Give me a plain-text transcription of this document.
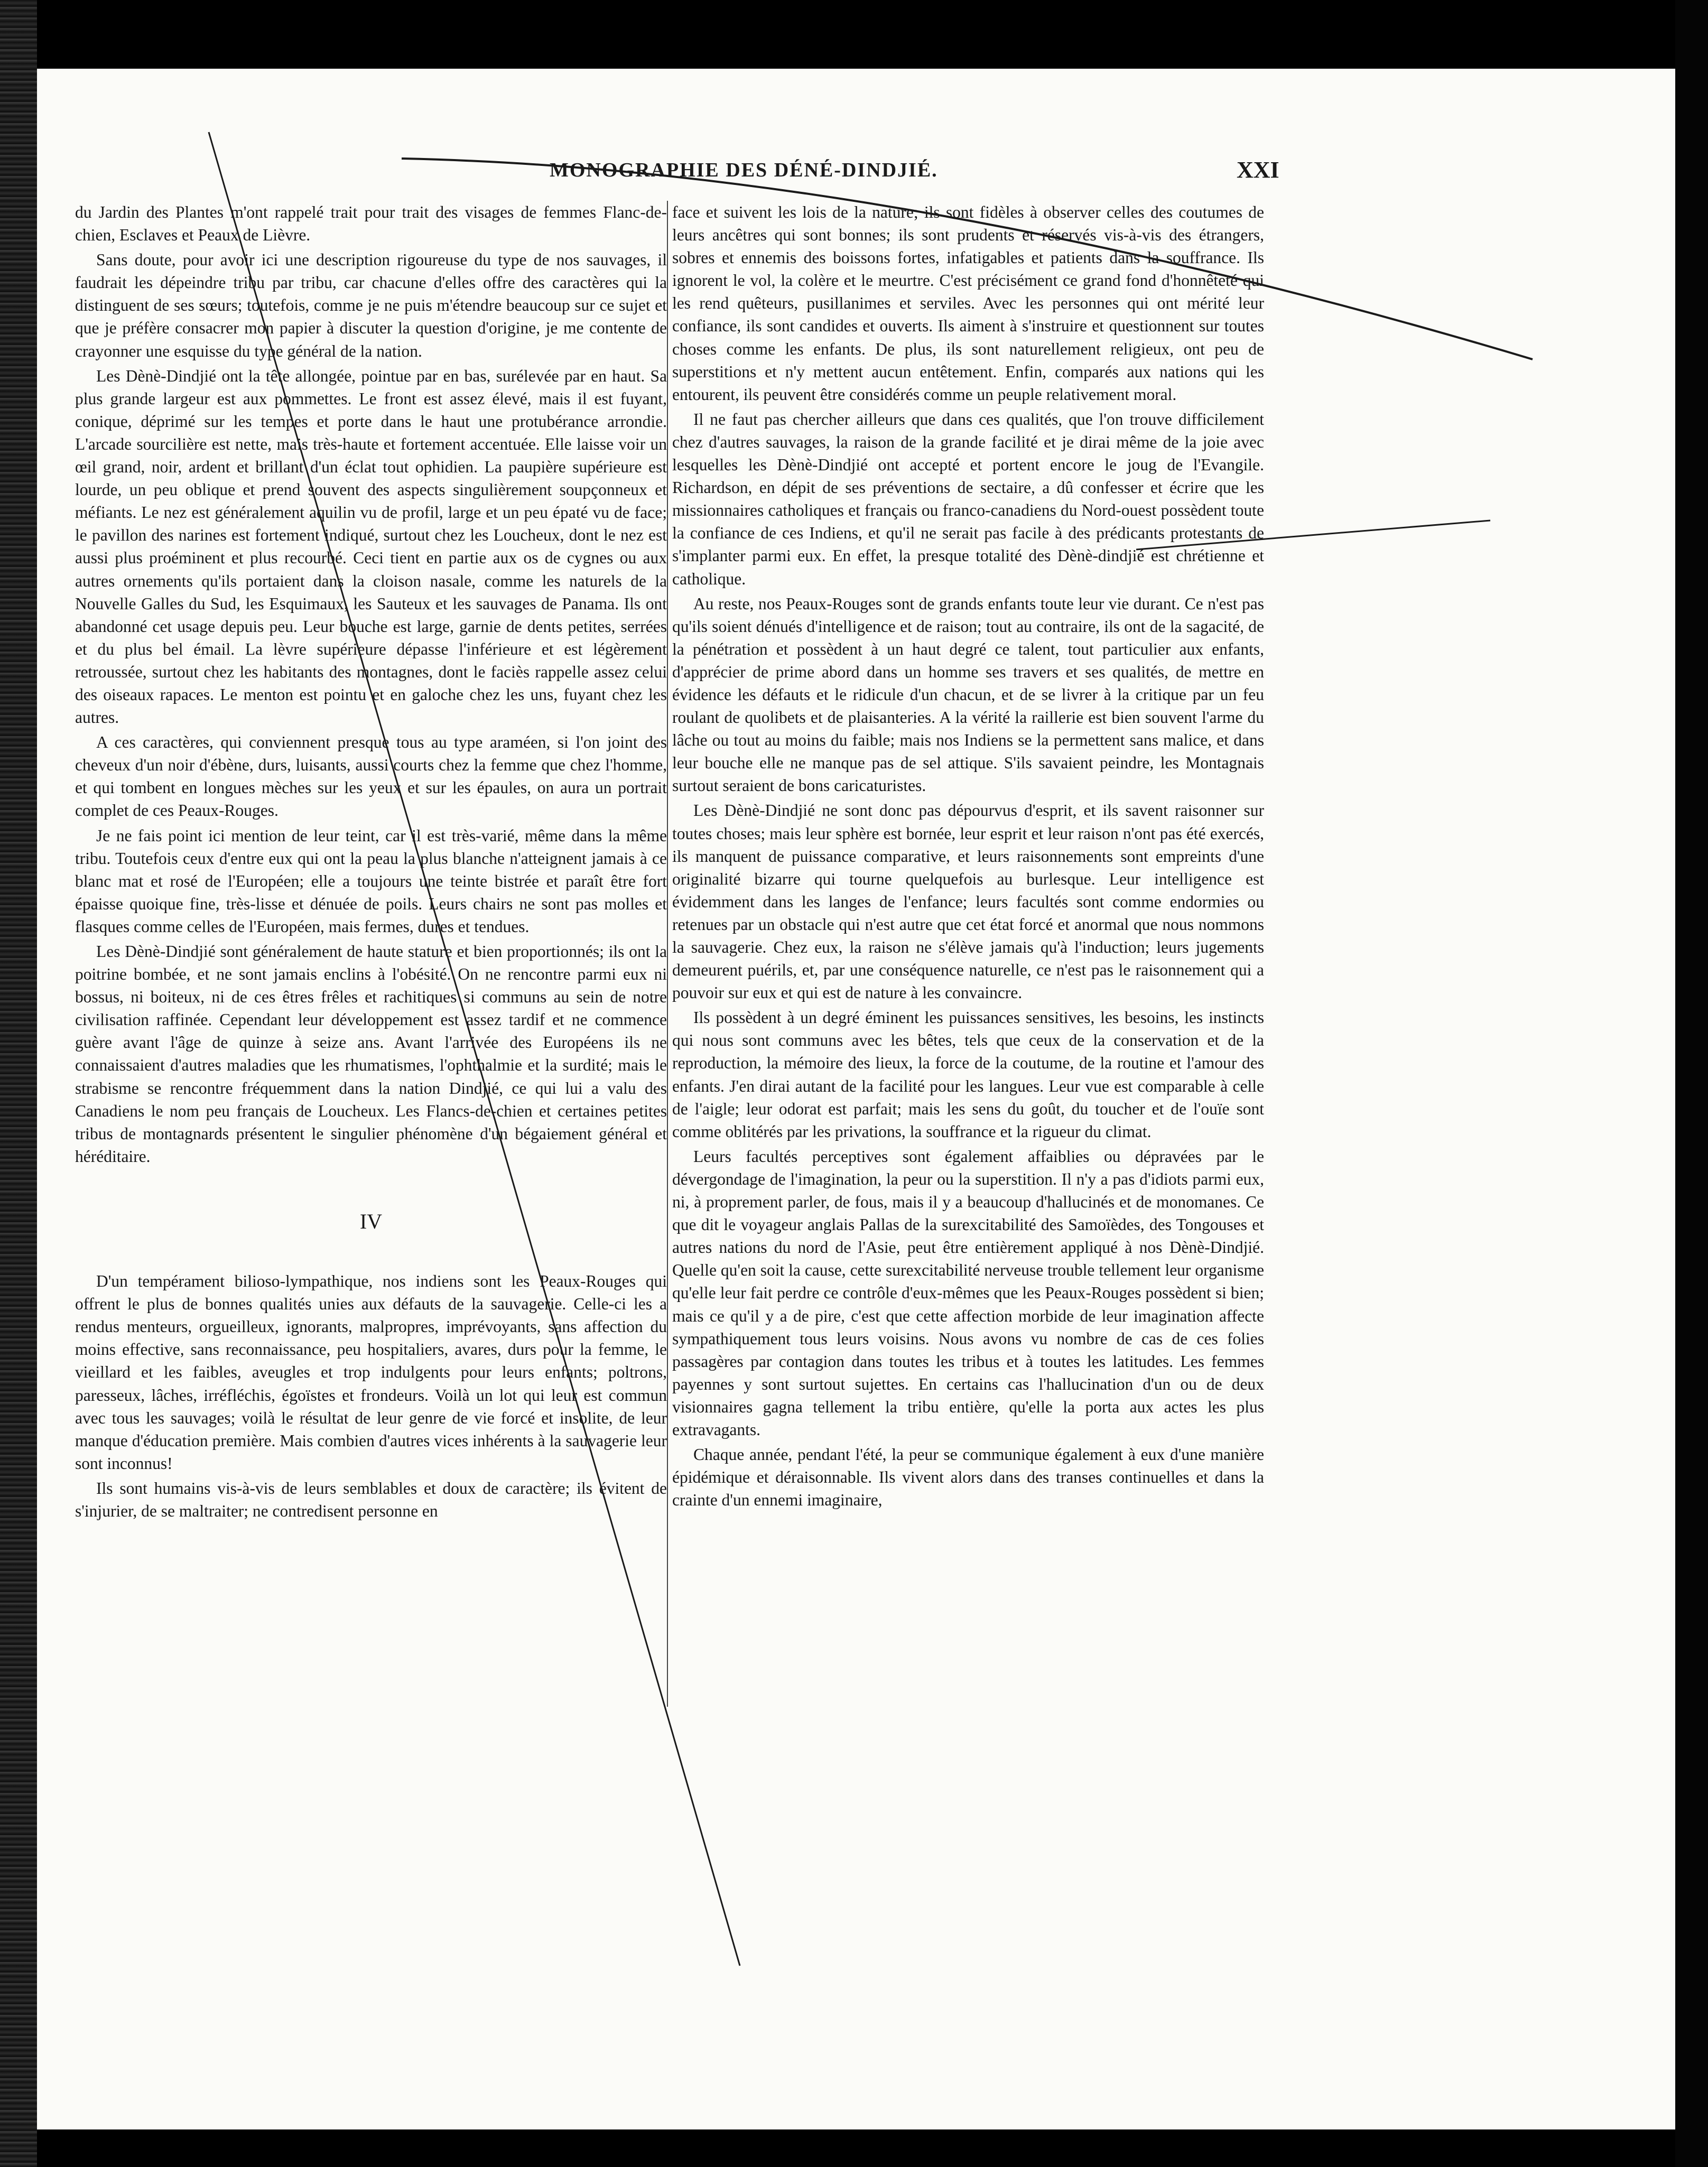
MONOGRAPHIE DES DÉNÉ-DINDJIÉ.	XXI

du Jardin des Plantes m'ont rappelé trait pour trait des visages de femmes Flanc-de-chien, Esclaves et Peaux de Lièvre.

Sans doute, pour avoir ici une description rigoureuse du type de nos sauvages, il faudrait les dépeindre tribu par tribu, car chacune d'elles offre des caractères qui la distinguent de ses sœurs; toutefois, comme je ne puis m'étendre beaucoup sur ce sujet et que je préfère consacrer mon papier à discuter la question d'origine, je me contente de crayonner une esquisse du type général de la nation.

Les Dènè-Dindjié ont la tête allongée, pointue par en bas, surélevée par en haut. Sa plus grande largeur est aux pommettes. Le front est assez élevé, mais il est fuyant, conique, déprimé sur les tempes et porte dans le haut une protubérance arrondie. L'arcade sourcilière est nette, mais très-haute et fortement accentuée. Elle laisse voir un œil grand, noir, ardent et brillant d'un éclat tout ophidien. La paupière supérieure est lourde, un peu oblique et prend souvent des aspects singulièrement soupçonneux et méfiants. Le nez est généralement aquilin vu de profil, large et un peu épaté vu de face; le pavillon des narines est fortement indiqué, surtout chez les Loucheux, dont le nez est aussi plus proéminent et plus recourbé. Ceci tient en partie aux os de cygnes ou aux autres ornements qu'ils portaient dans la cloison nasale, comme les naturels de la Nouvelle Galles du Sud, les Esquimaux, les Sauteux et les sauvages de Panama. Ils ont abandonné cet usage depuis peu. Leur bouche est large, garnie de dents petites, serrées et du plus bel émail. La lèvre supérieure dépasse l'inférieure et est légèrement retroussée, surtout chez les habitants des montagnes, dont le faciès rappelle assez celui des oiseaux rapaces. Le menton est pointu et en galoche chez les uns, fuyant chez les autres.

A ces caractères, qui conviennent presque tous au type araméen, si l'on joint des cheveux d'un noir d'ébène, durs, luisants, aussi courts chez la femme que chez l'homme, et qui tombent en longues mèches sur les yeux et sur les épaules, on aura un portrait complet de ces Peaux-Rouges.

Je ne fais point ici mention de leur teint, car il est très-varié, même dans la même tribu. Toutefois ceux d'entre eux qui ont la peau la plus blanche n'atteignent jamais à ce blanc mat et rosé de l'Européen; elle a toujours une teinte bistrée et paraît être fort épaisse quoique fine, très-lisse et dénuée de poils. Leurs chairs ne sont pas molles et flasques comme celles de l'Européen, mais fermes, dures et tendues.

Les Dènè-Dindjié sont généralement de haute stature et bien proportionnés; ils ont la poitrine bombée, et ne sont jamais enclins à l'obésité. On ne rencontre parmi eux ni bossus, ni boiteux, ni de ces êtres frêles et rachitiques si communs au sein de notre civilisation raffinée. Cependant leur développement est assez tardif et ne commence guère avant l'âge de quinze à seize ans. Avant l'arrivée des Européens ils ne connaissaient d'autres maladies que les rhumatismes, l'ophthalmie et la surdité; mais le strabisme se rencontre fréquemment dans la nation Dindjié, ce qui lui a valu des Canadiens le nom peu français de Loucheux. Les Flancs-de-chien et certaines petites tribus de montagnards présentent le singulier phénomène d'un bégaiement général et héréditaire.

IV

D'un tempérament bilioso-lympathique, nos indiens sont les Peaux-Rouges qui offrent le plus de bonnes qualités unies aux défauts de la sauvagerie. Celle-ci les a rendus menteurs, orgueilleux, ignorants, malpropres, imprévoyants, sans affection du moins effective, sans reconnaissance, peu hospitaliers, avares, durs pour la femme, le vieillard et les faibles, aveugles et trop indulgents pour leurs enfants; poltrons, paresseux, lâches, irréfléchis, égoïstes et frondeurs. Voilà un lot qui leur est commun avec tous les sauvages; voilà le résultat de leur genre de vie forcé et insolite, de leur manque d'éducation première. Mais combien d'autres vices inhérents à la sauvagerie leur sont inconnus!

Ils sont humains vis-à-vis de leurs semblables et doux de caractère; ils évitent de s'injurier, de se maltraiter; ne contredisent personne en

face et suivent les lois de la nature; ils sont fidèles à observer celles des coutumes de leurs ancêtres qui sont bonnes; ils sont prudents et réservés vis-à-vis des étrangers, sobres et ennemis des boissons fortes, infatigables et patients dans la souffrance. Ils ignorent le vol, la colère et le meurtre. C'est précisément ce grand fond d'honnêteté qui les rend quêteurs, pusillanimes et serviles. Avec les personnes qui ont mérité leur confiance, ils sont candides et ouverts. Ils aiment à s'instruire et questionnent sur toutes choses comme les enfants. De plus, ils sont naturellement religieux, ont peu de superstitions et n'y mettent aucun entêtement. Enfin, comparés aux nations qui les entourent, ils peuvent être considérés comme un peuple relativement moral.

Il ne faut pas chercher ailleurs que dans ces qualités, que l'on trouve difficilement chez d'autres sauvages, la raison de la grande facilité et je dirai même de la joie avec lesquelles les Dènè-Dindjié ont accepté et portent encore le joug de l'Evangile. Richardson, en dépit de ses préventions de sectaire, a dû confesser et écrire que les missionnaires catholiques et français ou franco-canadiens du Nord-ouest possèdent toute la confiance de ces Indiens, et qu'il ne serait pas facile à des prédicants protestants de s'implanter parmi eux. En effet, la presque totalité des Dènè-dindjié est chrétienne et catholique.

Au reste, nos Peaux-Rouges sont de grands enfants toute leur vie durant. Ce n'est pas qu'ils soient dénués d'intelligence et de raison; tout au contraire, ils ont de la sagacité, de la pénétration et possèdent à un haut degré ce talent, tout particulier aux enfants, d'apprécier de prime abord dans un homme ses travers et ses qualités, de mettre en évidence les défauts et le ridicule d'un chacun, et de se livrer à la critique par un feu roulant de quolibets et de plaisanteries. A la vérité la raillerie est bien souvent l'arme du lâche ou tout au moins du faible; mais nos Indiens se la permettent sans malice, et dans leur bouche elle ne manque pas de sel attique. S'ils savaient peindre, les Montagnais surtout seraient de bons caricaturistes.

Les Dènè-Dindjié ne sont donc pas dépourvus d'esprit, et ils savent raisonner sur toutes choses; mais leur sphère est bornée, leur esprit et leur raison n'ont pas été exercés, ils manquent de puissance comparative, et leurs raisonnements sont empreints d'une originalité bizarre qui tourne quelquefois au burlesque. Leur intelligence est évidemment dans les langes de l'enfance; leurs facultés sont comme endormies ou retenues par un obstacle qui n'est autre que cet état forcé et anormal que nous nommons la sauvagerie. Chez eux, la raison ne s'élève jamais qu'à l'induction; leurs jugements demeurent puérils, et, par une conséquence naturelle, ce n'est pas le raisonnement qui a pouvoir sur eux et qui est de nature à les convaincre.

Ils possèdent à un degré éminent les puissances sensitives, les besoins, les instincts qui nous sont communs avec les bêtes, tels que ceux de la conservation et de la reproduction, la mémoire des lieux, la force de la coutume, de la routine et l'amour des enfants. J'en dirai autant de la facilité pour les langues. Leur vue est comparable à celle de l'aigle; leur odorat est parfait; mais les sens du goût, du toucher et de l'ouïe sont comme oblitérés par les privations, la souffrance et la rigueur du climat.

Leurs facultés perceptives sont également affaiblies ou dépravées par le dévergondage de l'imagination, la peur ou la superstition. Il n'y a pas d'idiots parmi eux, ni, à proprement parler, de fous, mais il y a beaucoup d'hallucinés et de monomanes. Ce que dit le voyageur anglais Pallas de la surexcitabilité des Samoïèdes, des Tongouses et autres nations du nord de l'Asie, peut être entièrement appliqué à nos Dènè-Dindjié. Quelle qu'en soit la cause, cette surexcitabilité nerveuse trouble tellement leur organisme qu'elle leur fait perdre ce contrôle d'eux-mêmes que les Peaux-Rouges possèdent si bien; mais ce qu'il y a de pire, c'est que cette affection morbide de leur imagination affecte sympathiquement tous leurs voisins. Nous avons vu nombre de cas de ces folies passagères par contagion dans toutes les tribus et à toutes les latitudes. Les femmes payennes y sont surtout sujettes. En certains cas l'hallucination d'un ou de deux visionnaires gagna tellement la tribu entière, qu'elle la porta aux actes les plus extravagants.

Chaque année, pendant l'été, la peur se communique également à eux d'une manière épidémique et déraisonnable. Ils vivent alors dans des transes continuelles et dans la crainte d'un ennemi imaginaire,
